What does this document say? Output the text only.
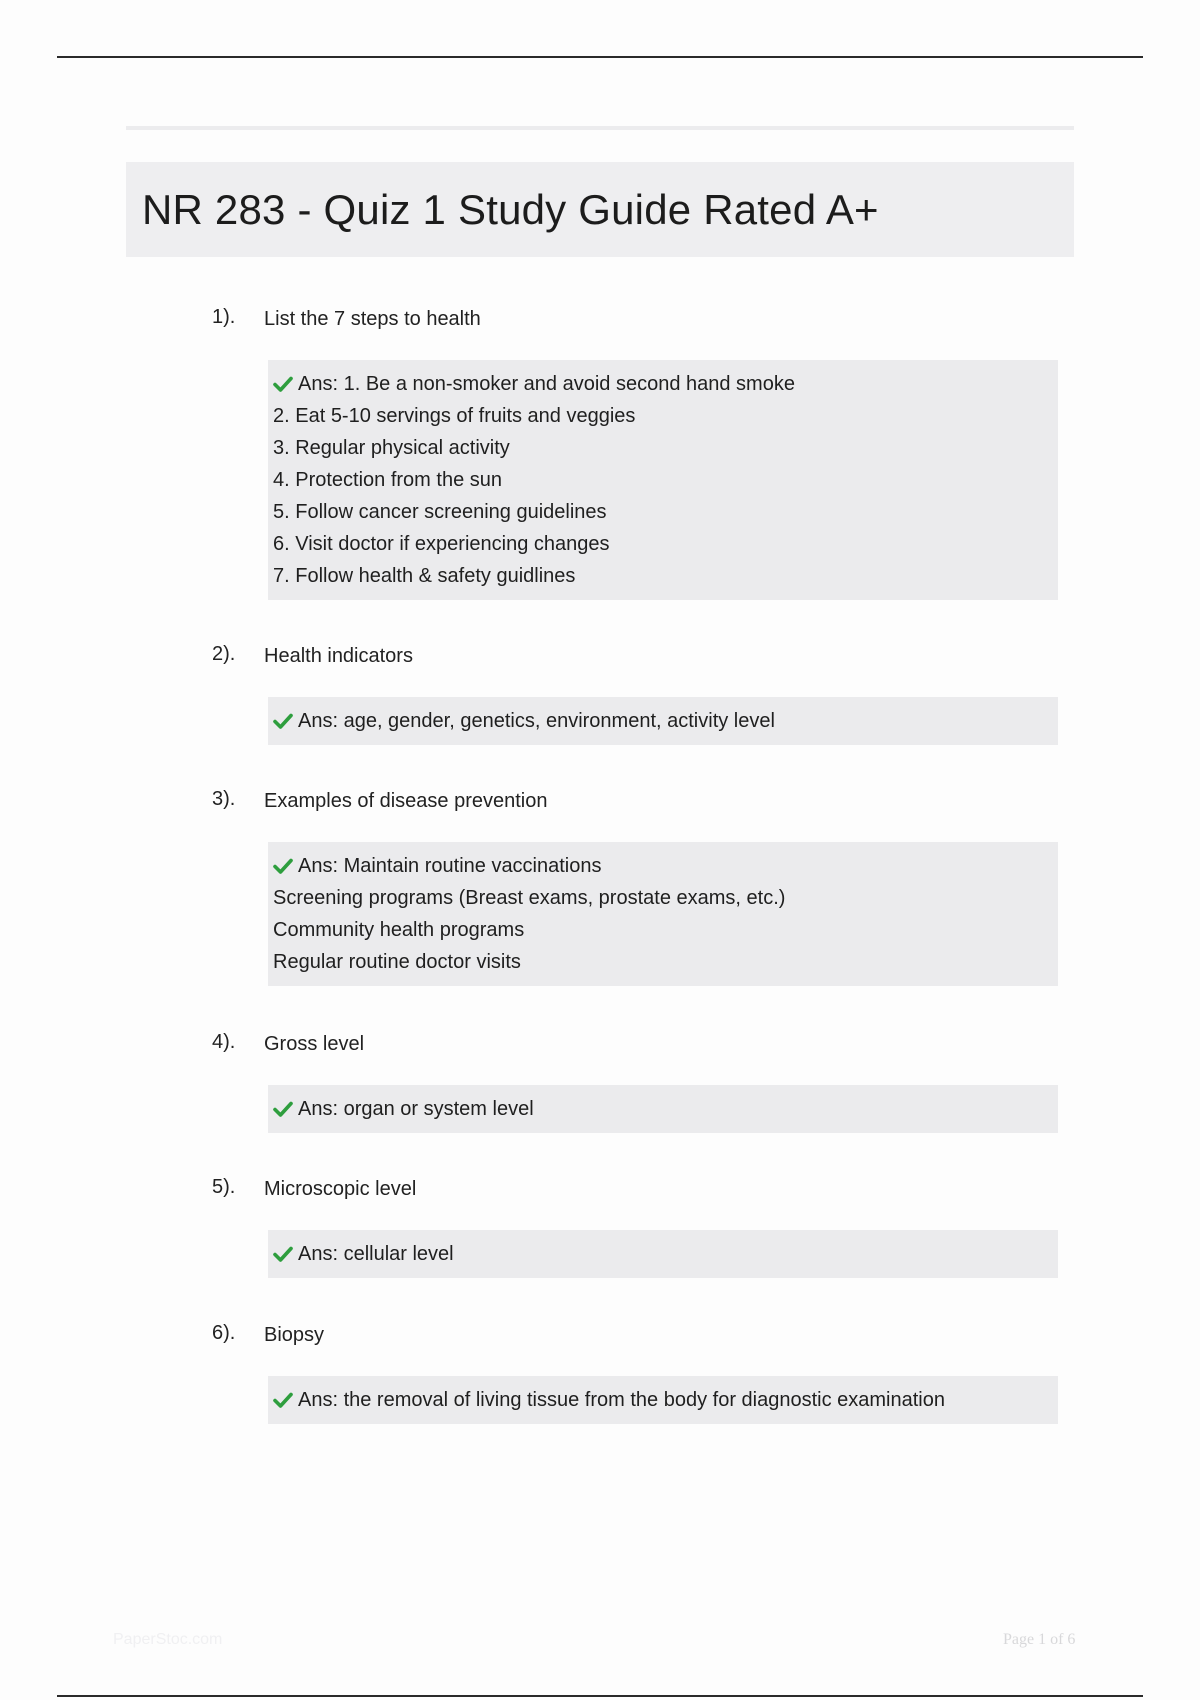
NR 283 - Quiz 1 Study Guide Rated A+
1). List the 7 steps to health
Ans: 1. Be a non-smoker and avoid second hand smoke
2. Eat 5-10 servings of fruits and veggies
3. Regular physical activity
4. Protection from the sun
5. Follow cancer screening guidelines
6. Visit doctor if experiencing changes
7. Follow health & safety guidlines
2). Health indicators
Ans: age, gender, genetics, environment, activity level
3). Examples of disease prevention
Ans: Maintain routine vaccinations
Screening programs (Breast exams, prostate exams, etc.)
Community health programs
Regular routine doctor visits
4). Gross level
Ans: organ or system level
5). Microscopic level
Ans: cellular level
6). Biopsy
Ans: the removal of living tissue from the body for diagnostic examination
PaperStoc.com	Page 1 of 6
